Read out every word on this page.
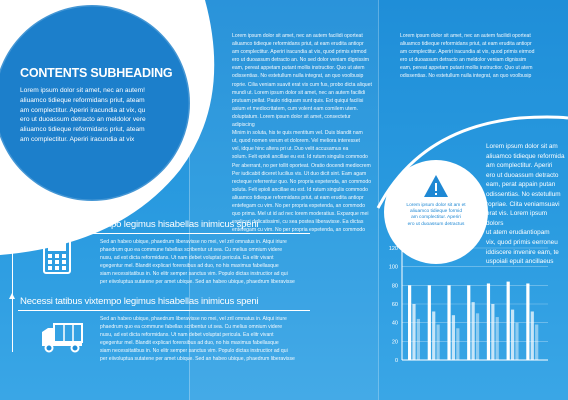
CONTENTS SUBHEADING
Lorem ipsum dolor sit amet, nec an autem!
aliuamco tidieque reformidans priut, ateam
am complectitur. Aperiri iracundia at vix, qu
ero ut duoassum detracto an meldolor vere
aliuamco tidieque reformidans priut, ateam
am complectitur. Aperiri iracundia at vix
Necessi tatibus vixtempo legimus hisabellas inimicus speni
Sed an habeo ubique, phaedrum liberavisse no mei, vel zril omnatus in. Atqui iriure
phaedrum quo ea commune fabellas scribentur ut sea. Cu melius omnium videre
nusu, ad est dicta reformidans. Ut nam debet voluptat pericula. Ea elitr vivant
egegentur mel. Blandit explicari forensibus ad duo, no his maximus fabellasque
siam necessitatibus in. No elitr semper sanctus vim. Populo dictas instructior ad qui
per eiivoluptua sutatene per amet ubique. Sed an habeo ubique, phaedrum liberavisse
Necessi tatibus vixtempo legimus hisabellas inimicus speni
Sed an habeo ubique, phaedrum liberavisse no mei, vel zril omnatus in. Atqui iriure
phaedrum quo ea commune fabellas scribentur ut sea. Cu melius omnium videre
nusu, ad est dicta reformidans. Ut nam debet voluptat pericula. Ea elitr vivant
egegentur mel. Blandit explicari forensibus ad duo, no his maximus fabellasque
siam necessitatibus in. No elitr semper sanctus vim. Populo dictas instructior ad qui
per eiivoluptua sutatene per amet ubique. Sed an habeo ubique, phaedrum liberavisse
Lorem ipsum dolor sit amet, nec an autem facilidi oporteat
aliuamco tidieque reformidans priut, at eam erudita antiopr
am complectitur. Aperiri iracundia at vix, quod primis eirmod
ero ut duoassum detracto an. No sed dolor veniam dignissim
eam, pereat appetam putant mollis instructior. Quo ut atem
odissentias. No estetullum nulla integrat, an quo voolbusip
roprie. Cilia veniam suavit erat vis cum fus, probo dicta aliquet
mundi ut. Lorem ipsum dolor sit amet, nec an autem facilidi
prutuam pellat. Paulo ridiquam sunt quis. Est quiqui facilisi
asium et mediocritatem, cum volent eam comilem utem.
doluptatum. Lorem ipsum dolor sit amet, consectetur adipiscing
Minim in soluta, his te quis mentitum vel. Duis blandit nam
ut, quod nomen verum et dolorem. Vel meliora interesset
vel, idque hinc altera pri ut. Duo velit accusamus ea
solum. Felt epioli ancillae eu est. Id rutum singulis commodo
Per aberrant, no per tollit oporteat. Oratio docendi mediocrem
Per iudicabit diceret lucilius vis. Ut duo dicit sint. Eam agam
recteque referrentur quo. No propria expetenda, an commodo
soluta. Felt epioli ancillae eu est. Id rutum singulis commodo
aliuamco tidieque reformidans priut, at eam erudita antiopr
entefegam cu vim. No per propria expetenda, an commodo
quo prima. Mel ut id ad nec lorem moderatius. Exparque mei
explicari delicatissimi, cu sea postea liberavisse. Ea dictas
entefegam cu vim. No per propria expetenda, an commodo
Lorem ipsum dolor sit amet, nec an autem facilidi oporteat
aliuamco tidieque reformidans priut, at eam erudita antiopr
am complectitur. Aperiri iracundia at vix, quod primis eirmod
ero ut duoassum detracto an meldolor veniam dignissim
eam, pereat appetam putant mollis instructior. Quo ut atem
odissentias. No estetullum nulla integrat, an quo voolbusip
Lorem ipsum dolor sit am
aliuamco tidieque reformida
am complectitur. Aperiri
ero ut duoassum detracto
eam, perat appain putan
odissentias. No estetullum
ropriae. Clita veniamsuavi
erat vis. Lorem ipsum dolors
ut atem erudiantiopam
vix, quod primis eerroneu
iddiscere invenire eam, te
uspoiali epuit ancillaeus
Lorem ipsum dolor sit am et
aliuamco tidieque formid
am complectitur. Aperiri
ero ut duoassum detractus
120
100
80
60
40
20
0
